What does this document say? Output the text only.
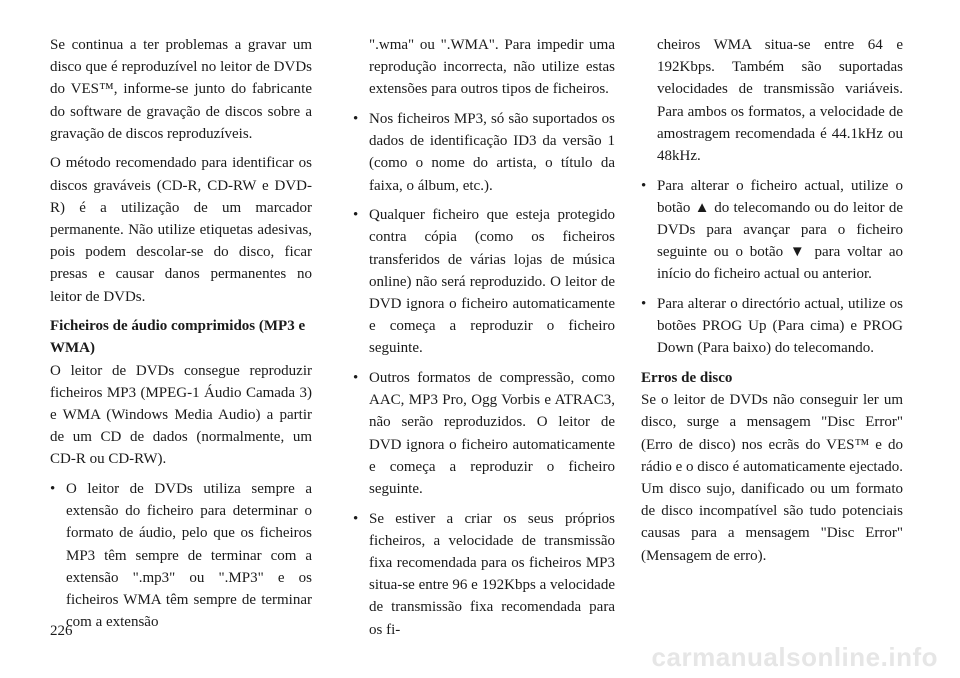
Se continua a ter problemas a gravar um disco que é reproduzível no leitor de DVDs do VES™, informe-se junto do fabricante do software de gravação de discos sobre a gravação de discos reproduzíveis.

O método recomendado para identificar os discos graváveis (CD-R, CD-RW e DVD-R) é a utilização de um marcador permanente. Não utilize etiquetas adesivas, pois podem descolar-se do disco, ficar presas e causar danos permanentes no leitor de DVDs.

Ficheiros de áudio comprimidos (MP3 e WMA)

O leitor de DVDs consegue reproduzir ficheiros MP3 (MPEG-1 Áudio Camada 3) e WMA (Windows Media Audio) a partir de um CD de dados (normalmente, um CD-R ou CD-RW).

• O leitor de DVDs utiliza sempre a extensão do ficheiro para determinar o formato de áudio, pelo que os ficheiros MP3 têm sempre de terminar com a extensão ".mp3" ou ".MP3" e os ficheiros WMA têm sempre de terminar com a extensão
".wma" ou ".WMA". Para impedir uma reprodução incorrecta, não utilize estas extensões para outros tipos de ficheiros.
• Nos ficheiros MP3, só são suportados os dados de identificação ID3 da versão 1 (como o nome do artista, o título da faixa, o álbum, etc.).
• Qualquer ficheiro que esteja protegido contra cópia (como os ficheiros transferidos de várias lojas de música online) não será reproduzido. O leitor de DVD ignora o ficheiro automaticamente e começa a reproduzir o ficheiro seguinte.
• Outros formatos de compressão, como AAC, MP3 Pro, Ogg Vorbis e ATRAC3, não serão reproduzidos. O leitor de DVD ignora o ficheiro automaticamente e começa a reproduzir o ficheiro seguinte.
• Se estiver a criar os seus próprios ficheiros, a velocidade de transmissão fixa recomendada para os ficheiros MP3 situa-se entre 96 e 192Kbps a velocidade de transmissão fixa recomendada para os fi-
cheiros WMA situa-se entre 64 e 192Kbps. Também são suportadas velocidades de transmissão variáveis. Para ambos os formatos, a velocidade de amostragem recomendada é 44.1kHz ou 48kHz.
• Para alterar o ficheiro actual, utilize o botão ▲ do telecomando ou do leitor de DVDs para avançar para o ficheiro seguinte ou o botão ▼ para voltar ao início do ficheiro actual ou anterior.
• Para alterar o directório actual, utilize os botões PROG Up (Para cima) e PROG Down (Para baixo) do telecomando.
Erros de disco

Se o leitor de DVDs não conseguir ler um disco, surge a mensagem "Disc Error" (Erro de disco) nos ecrãs do VES™ e do rádio e o disco é automaticamente ejectado. Um disco sujo, danificado ou um formato de disco incompatível são tudo potenciais causas para a mensagem "Disc Error" (Mensagem de erro).

226
carmanualsonline.info
